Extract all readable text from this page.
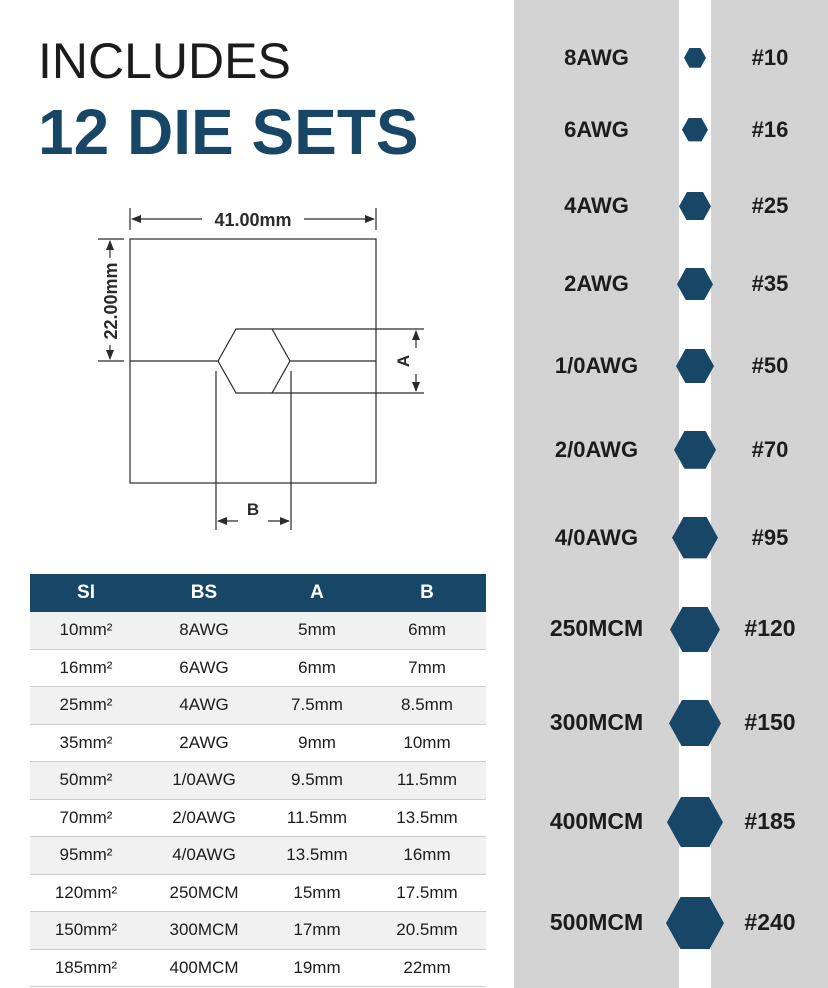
INCLUDES
12 DIE SETS
41.00mm
22.00mm
A
B
SI	BS	A	B
10mm²	8AWG	5mm	6mm
16mm²	6AWG	6mm	7mm
25mm²	4AWG	7.5mm	8.5mm
35mm²	2AWG	9mm	10mm
50mm²	1/0AWG	9.5mm	11.5mm
70mm²	2/0AWG	11.5mm	13.5mm
95mm²	4/0AWG	13.5mm	16mm
120mm²	250MCM	15mm	17.5mm
150mm²	300MCM	17mm	20.5mm
185mm²	400MCM	19mm	22mm
8AWG	#10
6AWG	#16
4AWG	#25
2AWG	#35
1/0AWG	#50
2/0AWG	#70
4/0AWG	#95
250MCM	#120
300MCM	#150
400MCM	#185
500MCM	#240
